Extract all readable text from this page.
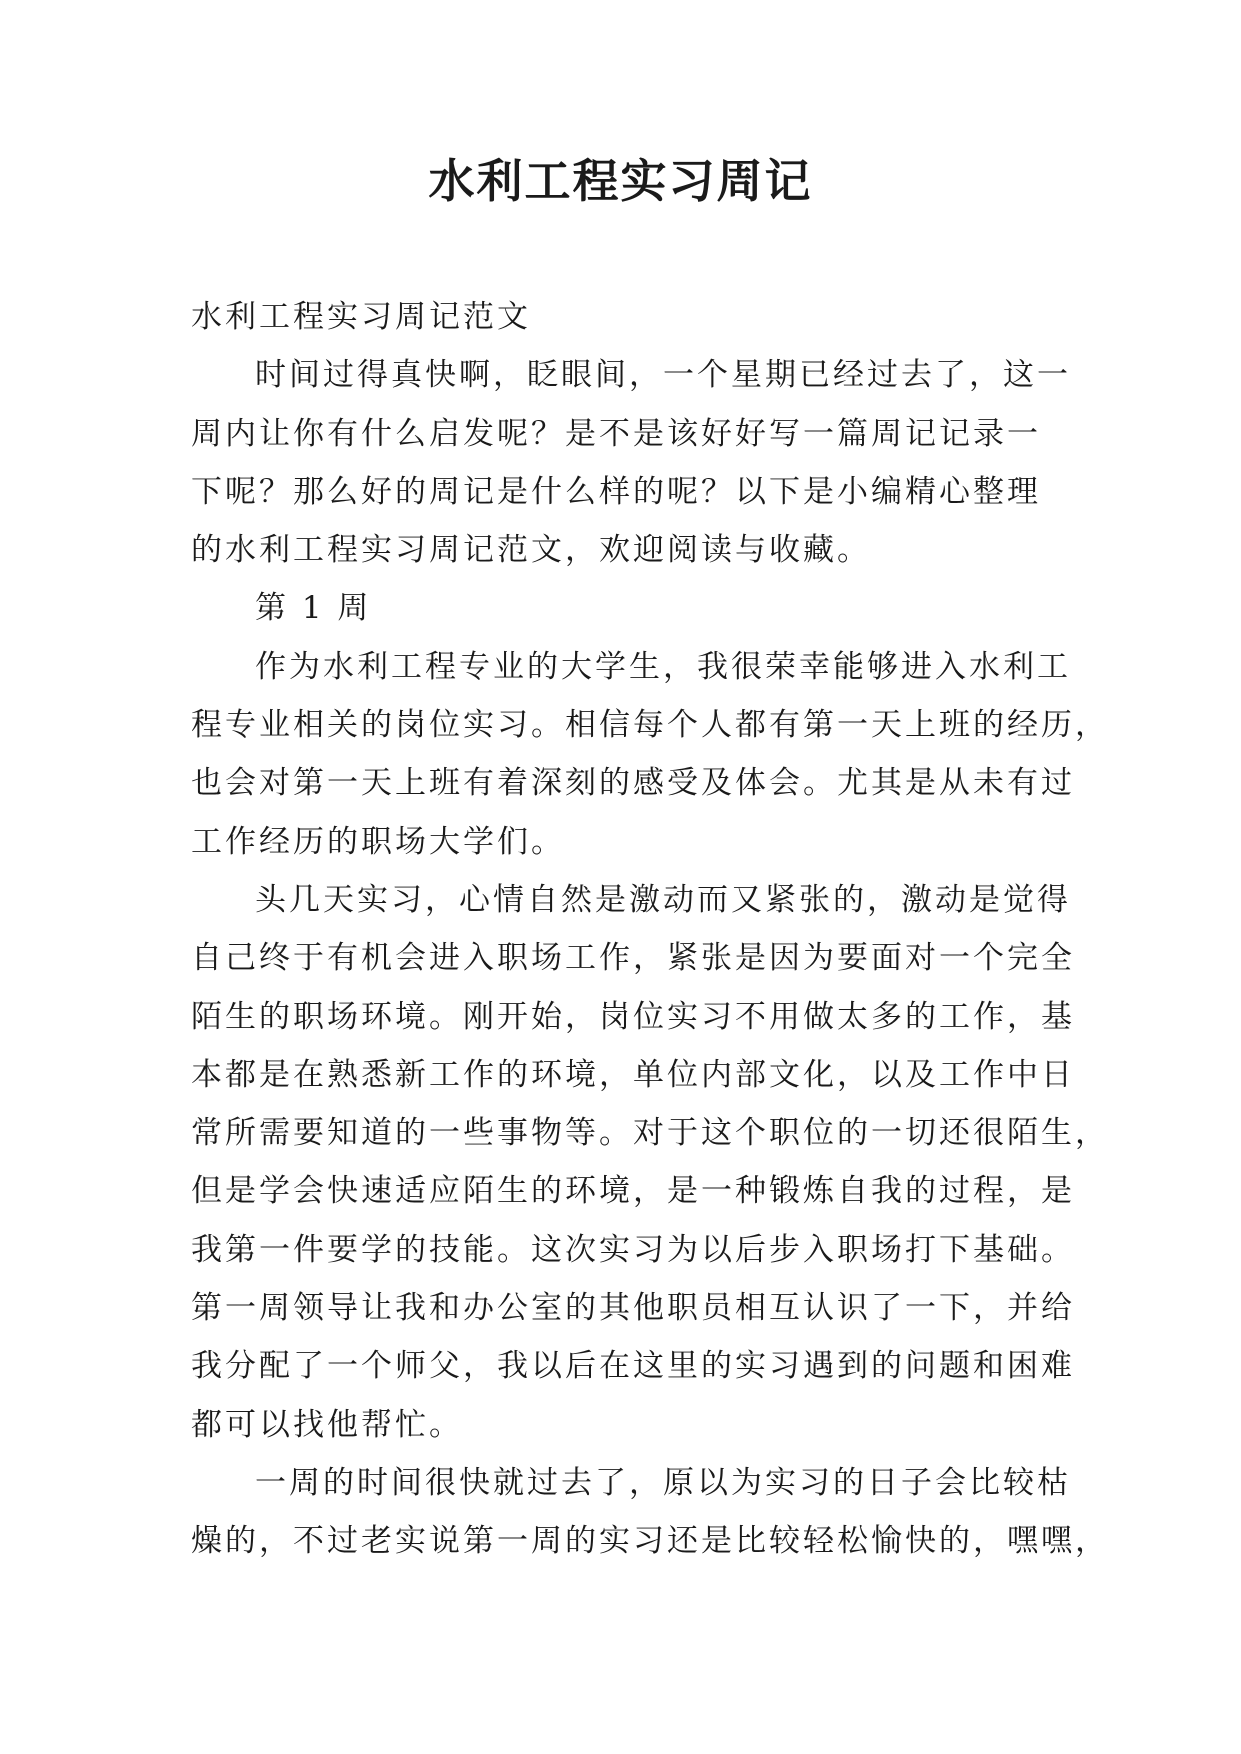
水利工程实习周记
水利工程实习周记范文
时间过得真快啊，眨眼间，一个星期已经过去了，这一
周内让你有什么启发呢？是不是该好好写一篇周记记录一
下呢？那么好的周记是什么样的呢？以下是小编精心整理
的水利工程实习周记范文，欢迎阅读与收藏。
第 1 周
作为水利工程专业的大学生，我很荣幸能够进入水利工
程专业相关的岗位实习。相信每个人都有第一天上班的经历，
也会对第一天上班有着深刻的感受及体会。尤其是从未有过
工作经历的职场大学们。
头几天实习，心情自然是激动而又紧张的，激动是觉得
自己终于有机会进入职场工作，紧张是因为要面对一个完全
陌生的职场环境。刚开始，岗位实习不用做太多的工作，基
本都是在熟悉新工作的环境，单位内部文化，以及工作中日
常所需要知道的一些事物等。对于这个职位的一切还很陌生，
但是学会快速适应陌生的环境，是一种锻炼自我的过程，是
我第一件要学的技能。这次实习为以后步入职场打下基础。
第一周领导让我和办公室的其他职员相互认识了一下，并给
我分配了一个师父，我以后在这里的实习遇到的问题和困难
都可以找他帮忙。
一周的时间很快就过去了，原以为实习的日子会比较枯
燥的，不过老实说第一周的实习还是比较轻松愉快的，嘿嘿，
